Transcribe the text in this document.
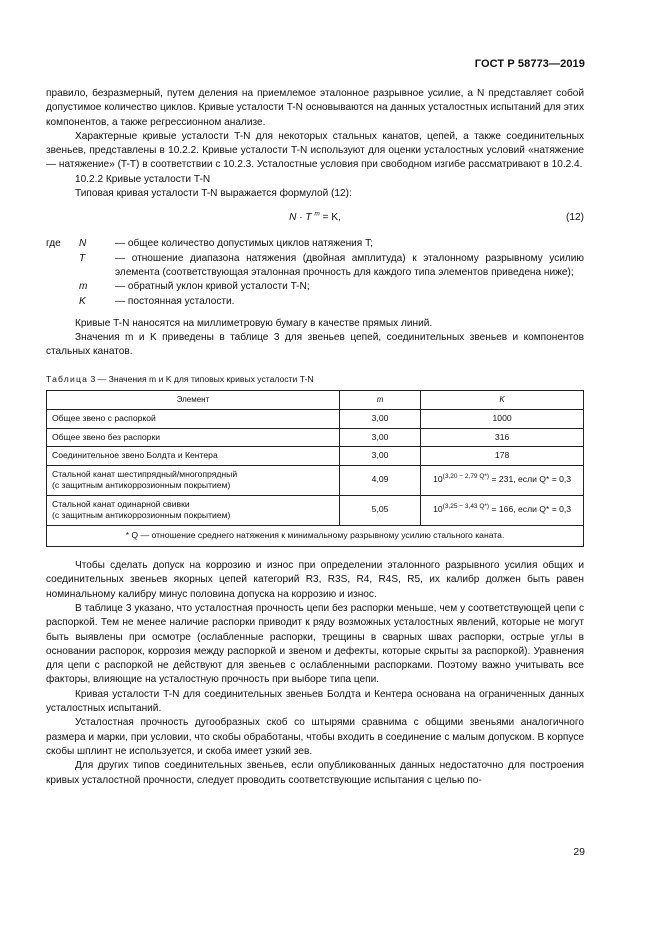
ГОСТ Р 58773—2019

правило, безразмерный, путем деления на приемлемое эталонное разрывное усилие, а N представляет собой допустимое количество циклов. Кривые усталости T-N основываются на данных усталостных испытаний для этих компонентов, а также регрессионном анализе.

Характерные кривые усталости T-N для некоторых стальных канатов, цепей, а также соединительных звеньев, представлены в 10.2.2. Кривые усталости T-N используют для оценки усталостных условий «натяжение — натяжение» (T-T) в соответствии с 10.2.3. Усталостные условия при свободном изгибе рассматривают в 10.2.4.

10.2.2 Кривые усталости T-N

Типовая кривая усталости T-N выражается формулой (12):

N · T $^m$ = K,	(12)
где	N	— общее количество допустимых циклов натяжения T;
T	— отношение диапазона натяжения (двойная амплитуда) к эталонному разрывному усилию элемента (соответствующая эталонная прочность для каждого типа элементов приведена ниже);
m	— обратный уклон кривой усталости T-N;
K	— постоянная усталости.

Кривые T-N наносятся на миллиметровую бумагу в качестве прямых линий.

Значения m и K приведены в таблице 3 для звеньев цепей, соединительных звеньев и компонентов стальных канатов.

Таблица 3 — Значения m и K для типовых кривых усталости T-N
Элемент	m	K
Общее звено с распоркой	3,00	1000
Общее звено без распорки	3,00	316
Соединительное звено Болдта и Кентера	3,00	178
Стальной канат шестипрядный/многопрядный
(с защитным антикоррозионным покрытием)	4,09	$10^{(3,20 - 2,79 Q*)} = 231$, если Q* = 0,3
Стальной канат одинарной свивки
(с защитным антикоррозионным покрытием)	5,05	$10^{(3,25 - 3,43 Q*)} = 166$, если Q* = 0,3
* Q — отношение среднего натяжения к минимальному разрывному усилию стального каната.		

Чтобы сделать допуск на коррозию и износ при определении эталонного разрывного усилия общих и соединительных звеньев якорных цепей категорий R3, R3S, R4, R4S, R5, их калибр должен быть равен номинальному калибру минус половина допуска на коррозию и износ.

В таблице 3 указано, что усталостная прочность цепи без распорки меньше, чем у соответствующей цепи с распоркой. Тем не менее наличие распорки приводит к ряду возможных усталостных явлений, которые не могут быть выявлены при осмотре (ослабленные распорки, трещины в сварных швах распорки, острые углы в основании распорок, коррозия между распоркой и звеном и дефекты, которые скрыты за распоркой). Уравнения для цепи с распоркой не действуют для звеньев с ослабленными распорками. Поэтому важно учитывать все факторы, влияющие на усталостную прочность при выборе типа цепи.

Кривая усталости T-N для соединительных звеньев Болдта и Кентера основана на ограниченных данных усталостных испытаний.

Усталостная прочность дугообразных скоб со штырями сравнима с общими звеньями аналогичного размера и марки, при условии, что скобы обработаны, чтобы входить в соединение с малым допуском. В корпусе скобы шплинт не используется, и скоба имеет узкий зев.

Для других типов соединительных звеньев, если опубликованных данных недостаточно для построения кривых усталостной прочности, следует проводить соответствующие испытания с целью по-

29
